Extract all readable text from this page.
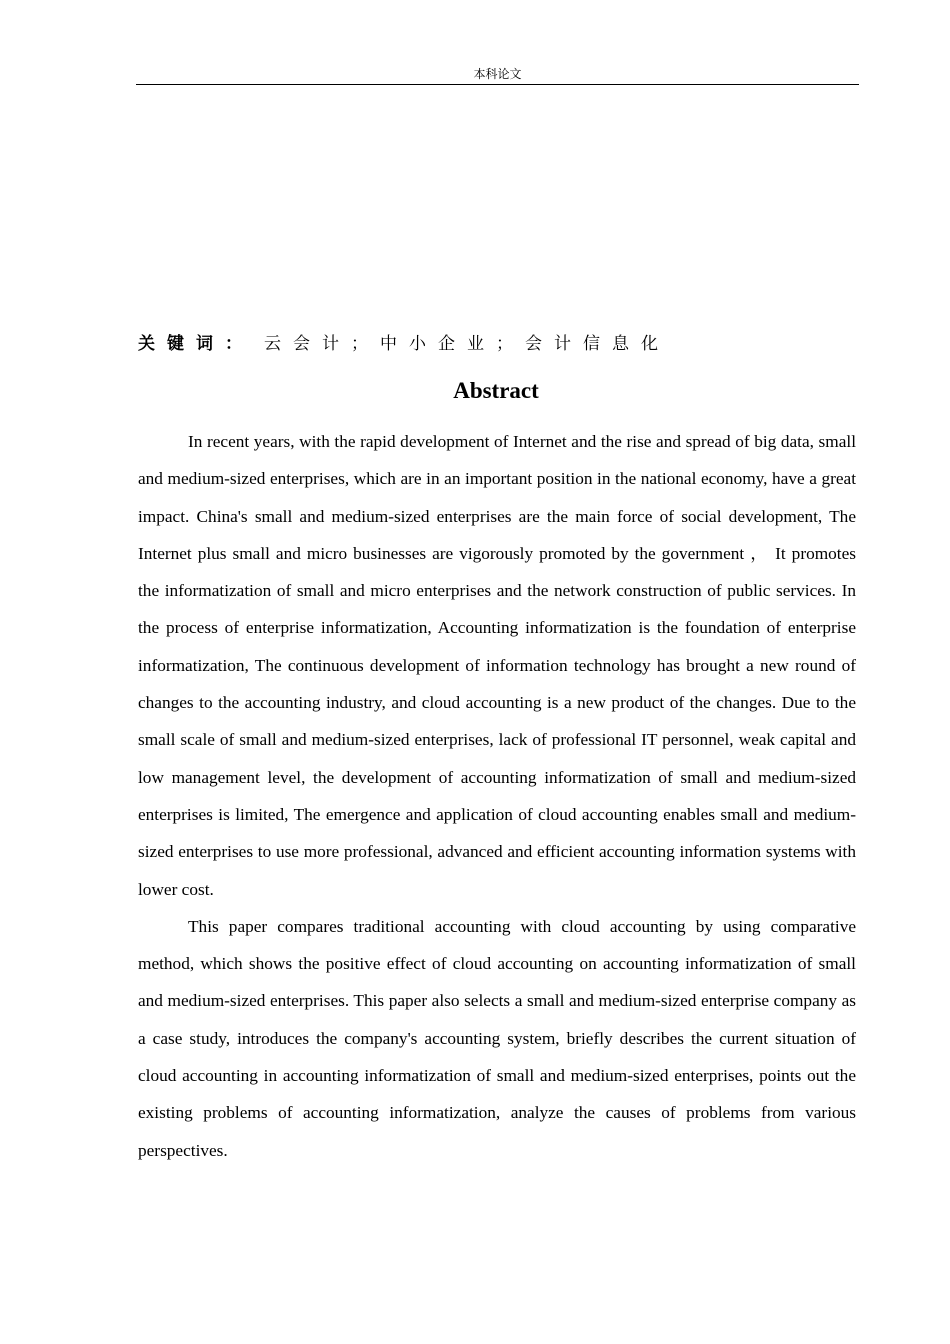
本科论文
关键词： 云会计；中小企业；会计信息化
Abstract

In recent years, with the rapid development of Internet and the rise and spread of big data, small and medium-sized enterprises, which are in an important position in the national economy, have a great impact. China's small and medium-sized enterprises are the main force of social development, The Internet plus small and micro businesses are vigorously promoted by the government ， It promotes the informatization of small and micro enterprises and the network construction of public services. In the process of enterprise informatization, Accounting informatization is the foundation of enterprise informatization, The continuous development of information technology has brought a new round of changes to the accounting industry, and cloud accounting is a new product of the changes. Due to the small scale of small and medium-sized enterprises, lack of professional IT personnel, weak capital and low management level, the development of accounting informatization of small and medium-sized enterprises is limited, The emergence and application of cloud accounting enables small and medium-sized enterprises to use more professional, advanced and efficient accounting information systems with lower cost.

This paper compares traditional accounting with cloud accounting by using comparative method, which shows the positive effect of cloud accounting on accounting informatization of small and medium-sized enterprises. This paper also selects a small and medium-sized enterprise company as a case study, introduces the company's accounting system, briefly describes the current situation of cloud accounting in accounting informatization of small and medium-sized enterprises, points out the existing problems of accounting informatization, analyze the causes of problems from various perspectives.
